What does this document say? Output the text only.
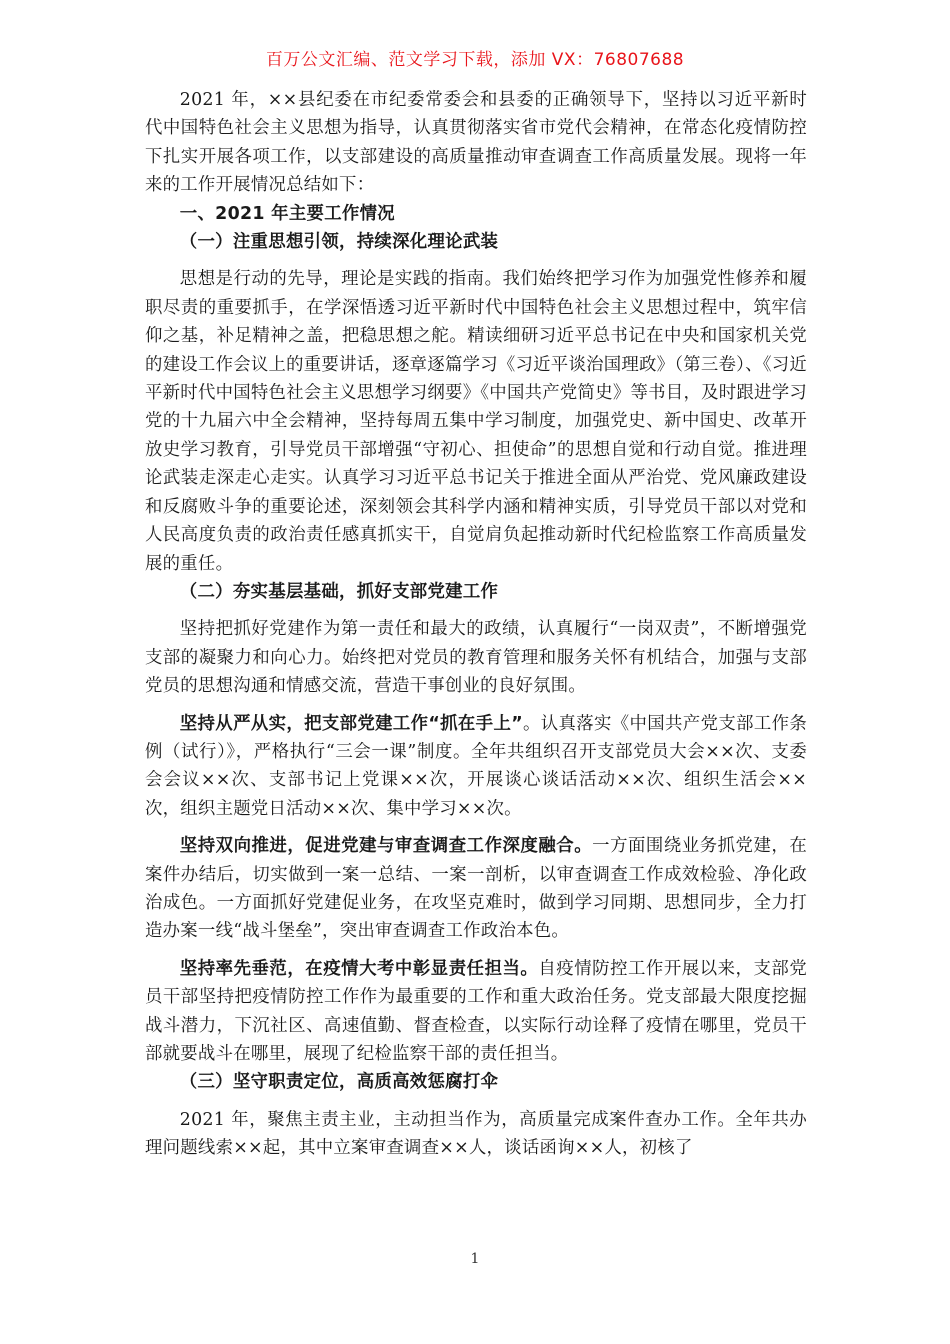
百万公文汇编、范文学习下载，添加 VX：76807688

2021 年，××县纪委在市纪委常委会和县委的正确领导下，坚持以习近平新时代中国特色社会主义思想为指导，认真贯彻落实省市党代会精神，在常态化疫情防控下扎实开展各项工作，以支部建设的高质量推动审查调查工作高质量发展。现将一年来的工作开展情况总结如下：

一、2021 年主要工作情况

（一）注重思想引领，持续深化理论武装

思想是行动的先导，理论是实践的指南。我们始终把学习作为加强党性修养和履职尽责的重要抓手，在学深悟透习近平新时代中国特色社会主义思想过程中，筑牢信仰之基，补足精神之盖，把稳思想之舵。精读细研习近平总书记在中央和国家机关党的建设工作会议上的重要讲话，逐章逐篇学习《习近平谈治国理政》（第三卷）、《习近平新时代中国特色社会主义思想学习纲要》《中国共产党简史》等书目，及时跟进学习党的十九届六中全会精神，坚持每周五集中学习制度，加强党史、新中国史、改革开放史学习教育，引导党员干部增强“守初心、担使命”的思想自觉和行动自觉。推进理论武装走深走心走实。认真学习习近平总书记关于推进全面从严治党、党风廉政建设和反腐败斗争的重要论述，深刻领会其科学内涵和精神实质，引导党员干部以对党和人民高度负责的政治责任感真抓实干，自觉肩负起推动新时代纪检监察工作高质量发展的重任。

（二）夯实基层基础，抓好支部党建工作

坚持把抓好党建作为第一责任和最大的政绩，认真履行“一岗双责”，不断增强党支部的凝聚力和向心力。始终把对党员的教育管理和服务关怀有机结合，加强与支部党员的思想沟通和情感交流，营造干事创业的良好氛围。

坚持从严从实，把支部党建工作“抓在手上”。认真落实《中国共产党支部工作条例（试行）》，严格执行“三会一课”制度。全年共组织召开支部党员大会××次、支委会会议××次、支部书记上党课××次，开展谈心谈话活动××次、组织生活会××次，组织主题党日活动××次、集中学习××次。

坚持双向推进，促进党建与审查调查工作深度融合。一方面围绕业务抓党建，在案件办结后，切实做到一案一总结、一案一剖析，以审查调查工作成效检验、净化政治成色。一方面抓好党建促业务，在攻坚克难时，做到学习同期、思想同步，全力打造办案一线“战斗堡垒”，突出审查调查工作政治本色。

坚持率先垂范，在疫情大考中彰显责任担当。自疫情防控工作开展以来，支部党员干部坚持把疫情防控工作作为最重要的工作和重大政治任务。党支部最大限度挖掘战斗潜力，下沉社区、高速值勤、督查检查，以实际行动诠释了疫情在哪里，党员干部就要战斗在哪里，展现了纪检监察干部的责任担当。

（三）坚守职责定位，高质高效惩腐打伞

2021 年，聚焦主责主业，主动担当作为，高质量完成案件查办工作。全年共办理问题线索××起，其中立案审查调查××人，谈话函询××人，初核了

1
